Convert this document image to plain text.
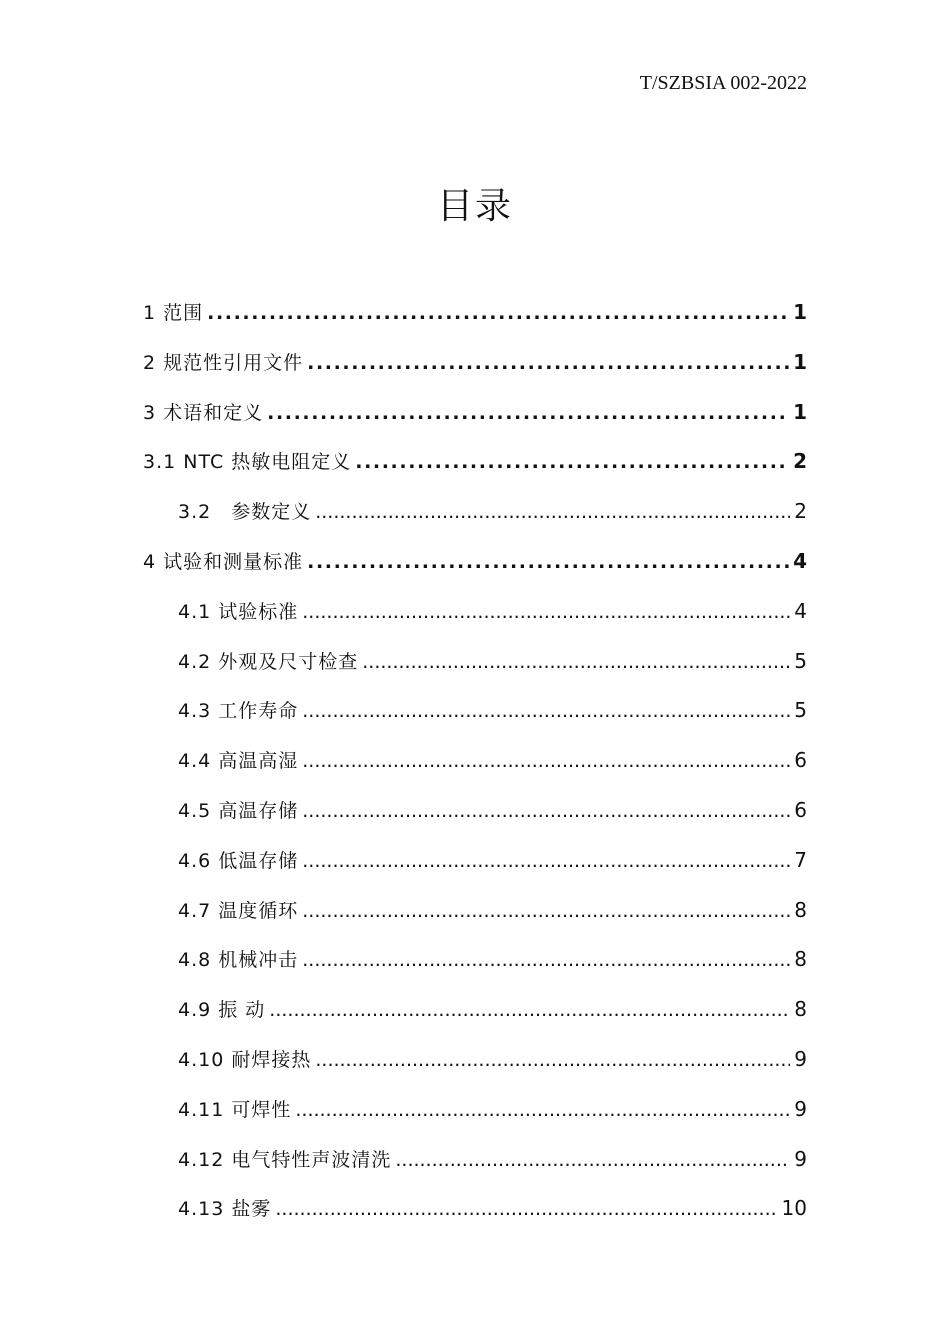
T/SZBSIA 002-2022
目录
1 范围 .....	1
2 规范性引用文件 .....	1
3 术语和定义 .....	1
3.1 NTC 热敏电阻定义 .....	2
3.2　参数定义 .....	2
4 试验和测量标准 .....	4
4.1 试验标准 .....	4
4.2 外观及尺寸检查 .....	5
4.3 工作寿命 .....	5
4.4 高温高湿 .....	6
4.5 高温存储 .....	6
4.6 低温存储 .....	7
4.7 温度循环 .....	8
4.8 机械冲击 .....	8
4.9 振 动 .....	8
4.10 耐焊接热 .....	9
4.11 可焊性 .....	9
4.12 电气特性声波清洗 .....	9
4.13 盐雾 .....	10
